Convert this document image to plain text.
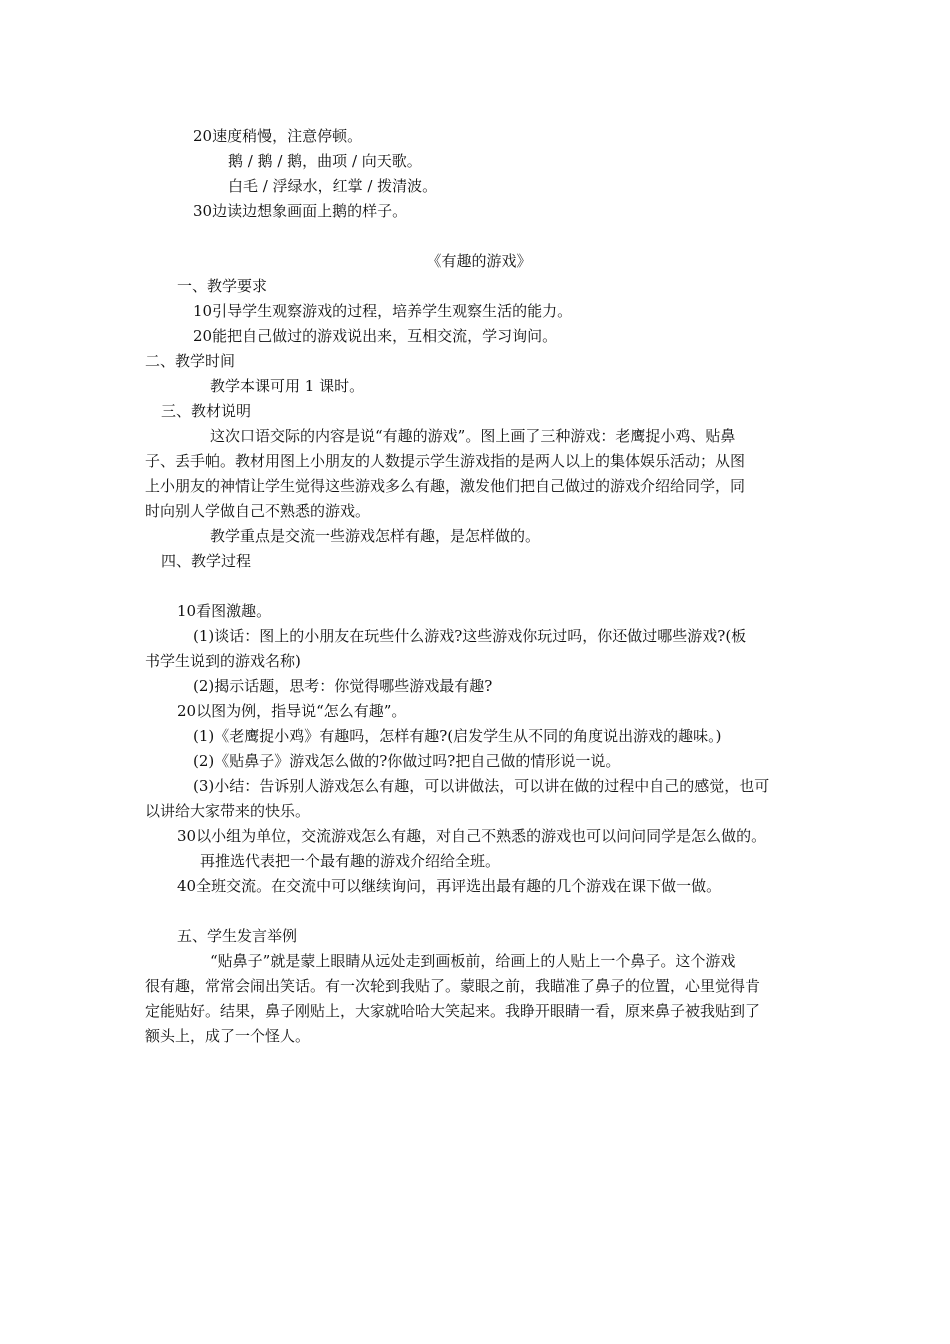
20速度稍慢，注意停顿。
鹅 / 鹅 / 鹅，曲项 / 向天歌。
白毛 / 浮绿水，红掌 / 拨清波。
30边读边想象画面上鹅的样子。
《有趣的游戏》
一、教学要求
10引导学生观察游戏的过程，培养学生观察生活的能力。
20能把自己做过的游戏说出来，互相交流，学习询问。
二、教学时间
教学本课可用 1 课时。
三、教材说明
这次口语交际的内容是说“有趣的游戏”。图上画了三种游戏：老鹰捉小鸡、贴鼻
子、丢手帕。教材用图上小朋友的人数提示学生游戏指的是两人以上的集体娱乐活动；从图
上小朋友的神情让学生觉得这些游戏多么有趣，激发他们把自己做过的游戏介绍给同学，同
时向别人学做自己不熟悉的游戏。
教学重点是交流一些游戏怎样有趣，是怎样做的。
四、教学过程
10看图激趣。
(1)谈话：图上的小朋友在玩些什么游戏?这些游戏你玩过吗，你还做过哪些游戏?(板
书学生说到的游戏名称)
(2)揭示话题，思考：你觉得哪些游戏最有趣?
20以图为例，指导说“怎么有趣”。
(1)《老鹰捉小鸡》有趣吗，怎样有趣?(启发学生从不同的角度说出游戏的趣味。)
(2)《贴鼻子》游戏怎么做的?你做过吗?把自己做的情形说一说。
(3)小结：告诉别人游戏怎么有趣，可以讲做法，可以讲在做的过程中自己的感觉，也可
以讲给大家带来的快乐。
30以小组为单位，交流游戏怎么有趣，对自己不熟悉的游戏也可以问问同学是怎么做的。
再推选代表把一个最有趣的游戏介绍给全班。
40全班交流。在交流中可以继续询问，再评选出最有趣的几个游戏在课下做一做。
五、学生发言举例
“贴鼻子”就是蒙上眼睛从远处走到画板前，给画上的人贴上一个鼻子。这个游戏
很有趣，常常会闹出笑话。有一次轮到我贴了。蒙眼之前，我瞄准了鼻子的位置，心里觉得肯
定能贴好。结果，鼻子刚贴上，大家就哈哈大笑起来。我睁开眼睛一看，原来鼻子被我贴到了
额头上，成了一个怪人。
